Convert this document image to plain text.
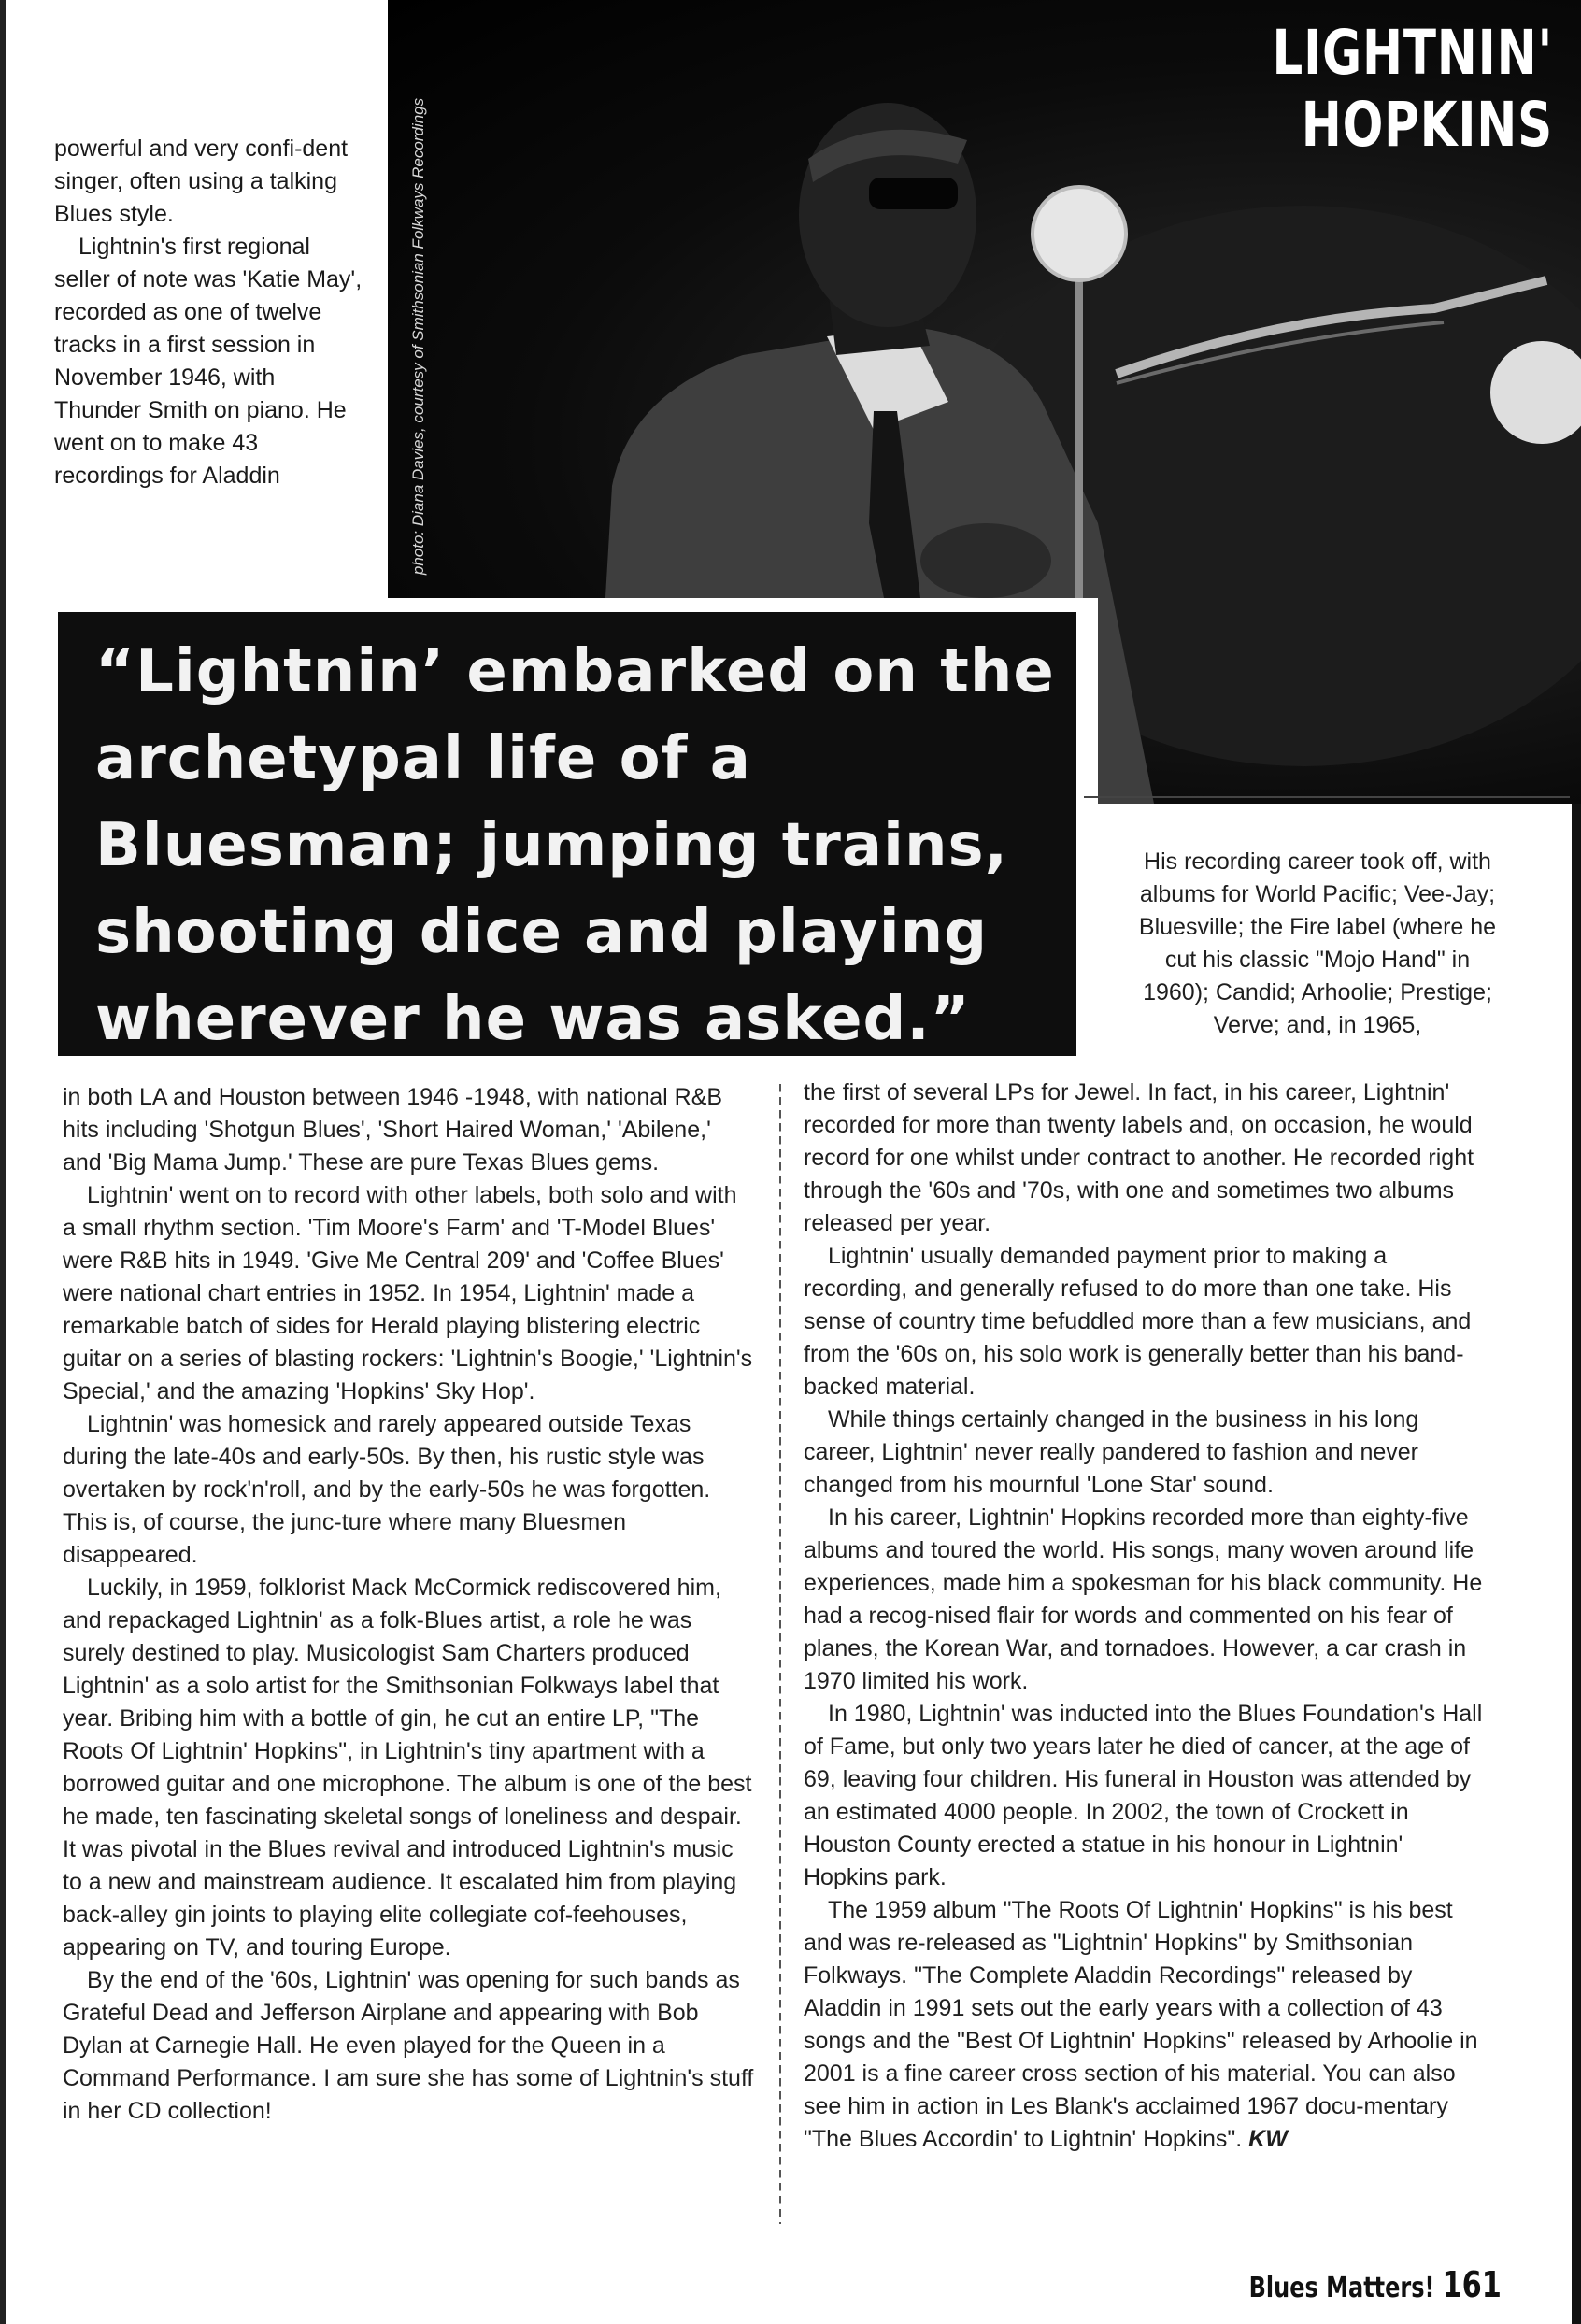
photo: Diana Davies, courtesy of Smithsonian Folkways Recordings
LIGHTNIN' HOPKINS

powerful and very confi-dent singer, often using a talking Blues style.

Lightnin's first regional seller of note was 'Katie May', recorded as one of twelve tracks in a first session in November 1946, with Thunder Smith on piano. He went on to make 43 recordings for Aladdin

“Lightnin’ embarked on the archetypal life of a Bluesman; jumping trains, shooting dice and playing wherever he was asked.”

His recording career took off, with albums for World Pacific; Vee-Jay; Bluesville; the Fire label (where he cut his classic "Mojo Hand" in 1960); Candid; Arhoolie; Prestige; Verve; and, in 1965,

in both LA and Houston between 1946 -1948, with national R&B hits including 'Shotgun Blues', 'Short Haired Woman,' 'Abilene,' and 'Big Mama Jump.' These are pure Texas Blues gems.

Lightnin' went on to record with other labels, both solo and with a small rhythm section. 'Tim Moore's Farm' and 'T-Model Blues' were R&B hits in 1949. 'Give Me Central 209' and 'Coffee Blues' were national chart entries in 1952. In 1954, Lightnin' made a remarkable batch of sides for Herald playing blistering electric guitar on a series of blasting rockers: 'Lightnin's Boogie,' 'Lightnin's Special,' and the amazing 'Hopkins' Sky Hop'.

Lightnin' was homesick and rarely appeared outside Texas during the late-40s and early-50s. By then, his rustic style was overtaken by rock'n'roll, and by the early-50s he was forgotten. This is, of course, the junc-ture where many Bluesmen disappeared.

Luckily, in 1959, folklorist Mack McCormick rediscovered him, and repackaged Lightnin' as a folk-Blues artist, a role he was surely destined to play. Musicologist Sam Charters produced Lightnin' as a solo artist for the Smithsonian Folkways label that year. Bribing him with a bottle of gin, he cut an entire LP, "The Roots Of Lightnin' Hopkins", in Lightnin's tiny apartment with a borrowed guitar and one microphone. The album is one of the best he made, ten fascinating skeletal songs of loneliness and despair. It was pivotal in the Blues revival and introduced Lightnin's music to a new and mainstream audience. It escalated him from playing back-alley gin joints to playing elite collegiate cof-feehouses, appearing on TV, and touring Europe.

By the end of the '60s, Lightnin' was opening for such bands as Grateful Dead and Jefferson Airplane and appearing with Bob Dylan at Carnegie Hall. He even played for the Queen in a Command Performance. I am sure she has some of Lightnin's stuff in her CD collection!

the first of several LPs for Jewel. In fact, in his career, Lightnin' recorded for more than twenty labels and, on occasion, he would record for one whilst under contract to another. He recorded right through the '60s and '70s, with one and sometimes two albums released per year.

Lightnin' usually demanded payment prior to making a recording, and generally refused to do more than one take. His sense of country time befuddled more than a few musicians, and from the '60s on, his solo work is generally better than his band-backed material.

While things certainly changed in the business in his long career, Lightnin' never really pandered to fashion and never changed from his mournful 'Lone Star' sound.

In his career, Lightnin' Hopkins recorded more than eighty-five albums and toured the world. His songs, many woven around life experiences, made him a spokesman for his black community. He had a recog-nised flair for words and commented on his fear of planes, the Korean War, and tornadoes. However, a car crash in 1970 limited his work.

In 1980, Lightnin' was inducted into the Blues Foundation's Hall of Fame, but only two years later he died of cancer, at the age of 69, leaving four children. His funeral in Houston was attended by an estimated 4000 people. In 2002, the town of Crockett in Houston County erected a statue in his honour in Lightnin' Hopkins park.

The 1959 album "The Roots Of Lightnin' Hopkins" is his best and was re-released as "Lightnin' Hopkins" by Smithsonian Folkways. "The Complete Aladdin Recordings" released by Aladdin in 1991 sets out the early years with a collection of 43 songs and the "Best Of Lightnin' Hopkins" released by Arhoolie in 2001 is a fine career cross section of his material. You can also see him in action in Les Blank's acclaimed 1967 docu-mentary "The Blues Accordin' to Lightnin' Hopkins". KW

Blues Matters! 161
